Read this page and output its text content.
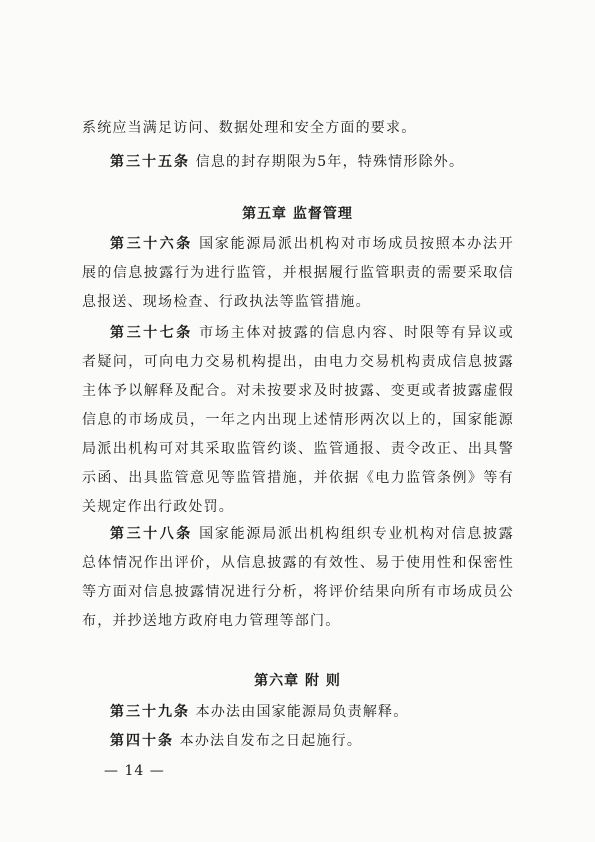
系统应当满足访问、数据处理和安全方面的要求。
第三十五条 信息的封存期限为5年，特殊情形除外。
第五章 监督管理
第三十六条 国家能源局派出机构对市场成员按照本办法开展的信息披露行为进行监管，并根据履行监管职责的需要采取信息报送、现场检查、行政执法等监管措施。
第三十七条 市场主体对披露的信息内容、时限等有异议或者疑问，可向电力交易机构提出，由电力交易机构责成信息披露主体予以解释及配合。对未按要求及时披露、变更或者披露虚假信息的市场成员，一年之内出现上述情形两次以上的，国家能源局派出机构可对其采取监管约谈、监管通报、责令改正、出具警示函、出具监管意见等监管措施，并依据《电力监管条例》等有关规定作出行政处罚。
第三十八条 国家能源局派出机构组织专业机构对信息披露总体情况作出评价，从信息披露的有效性、易于使用性和保密性等方面对信息披露情况进行分析，将评价结果向所有市场成员公布，并抄送地方政府电力管理等部门。
第六章 附 则
第三十九条 本办法由国家能源局负责解释。
第四十条 本办法自发布之日起施行。
— 14 —
